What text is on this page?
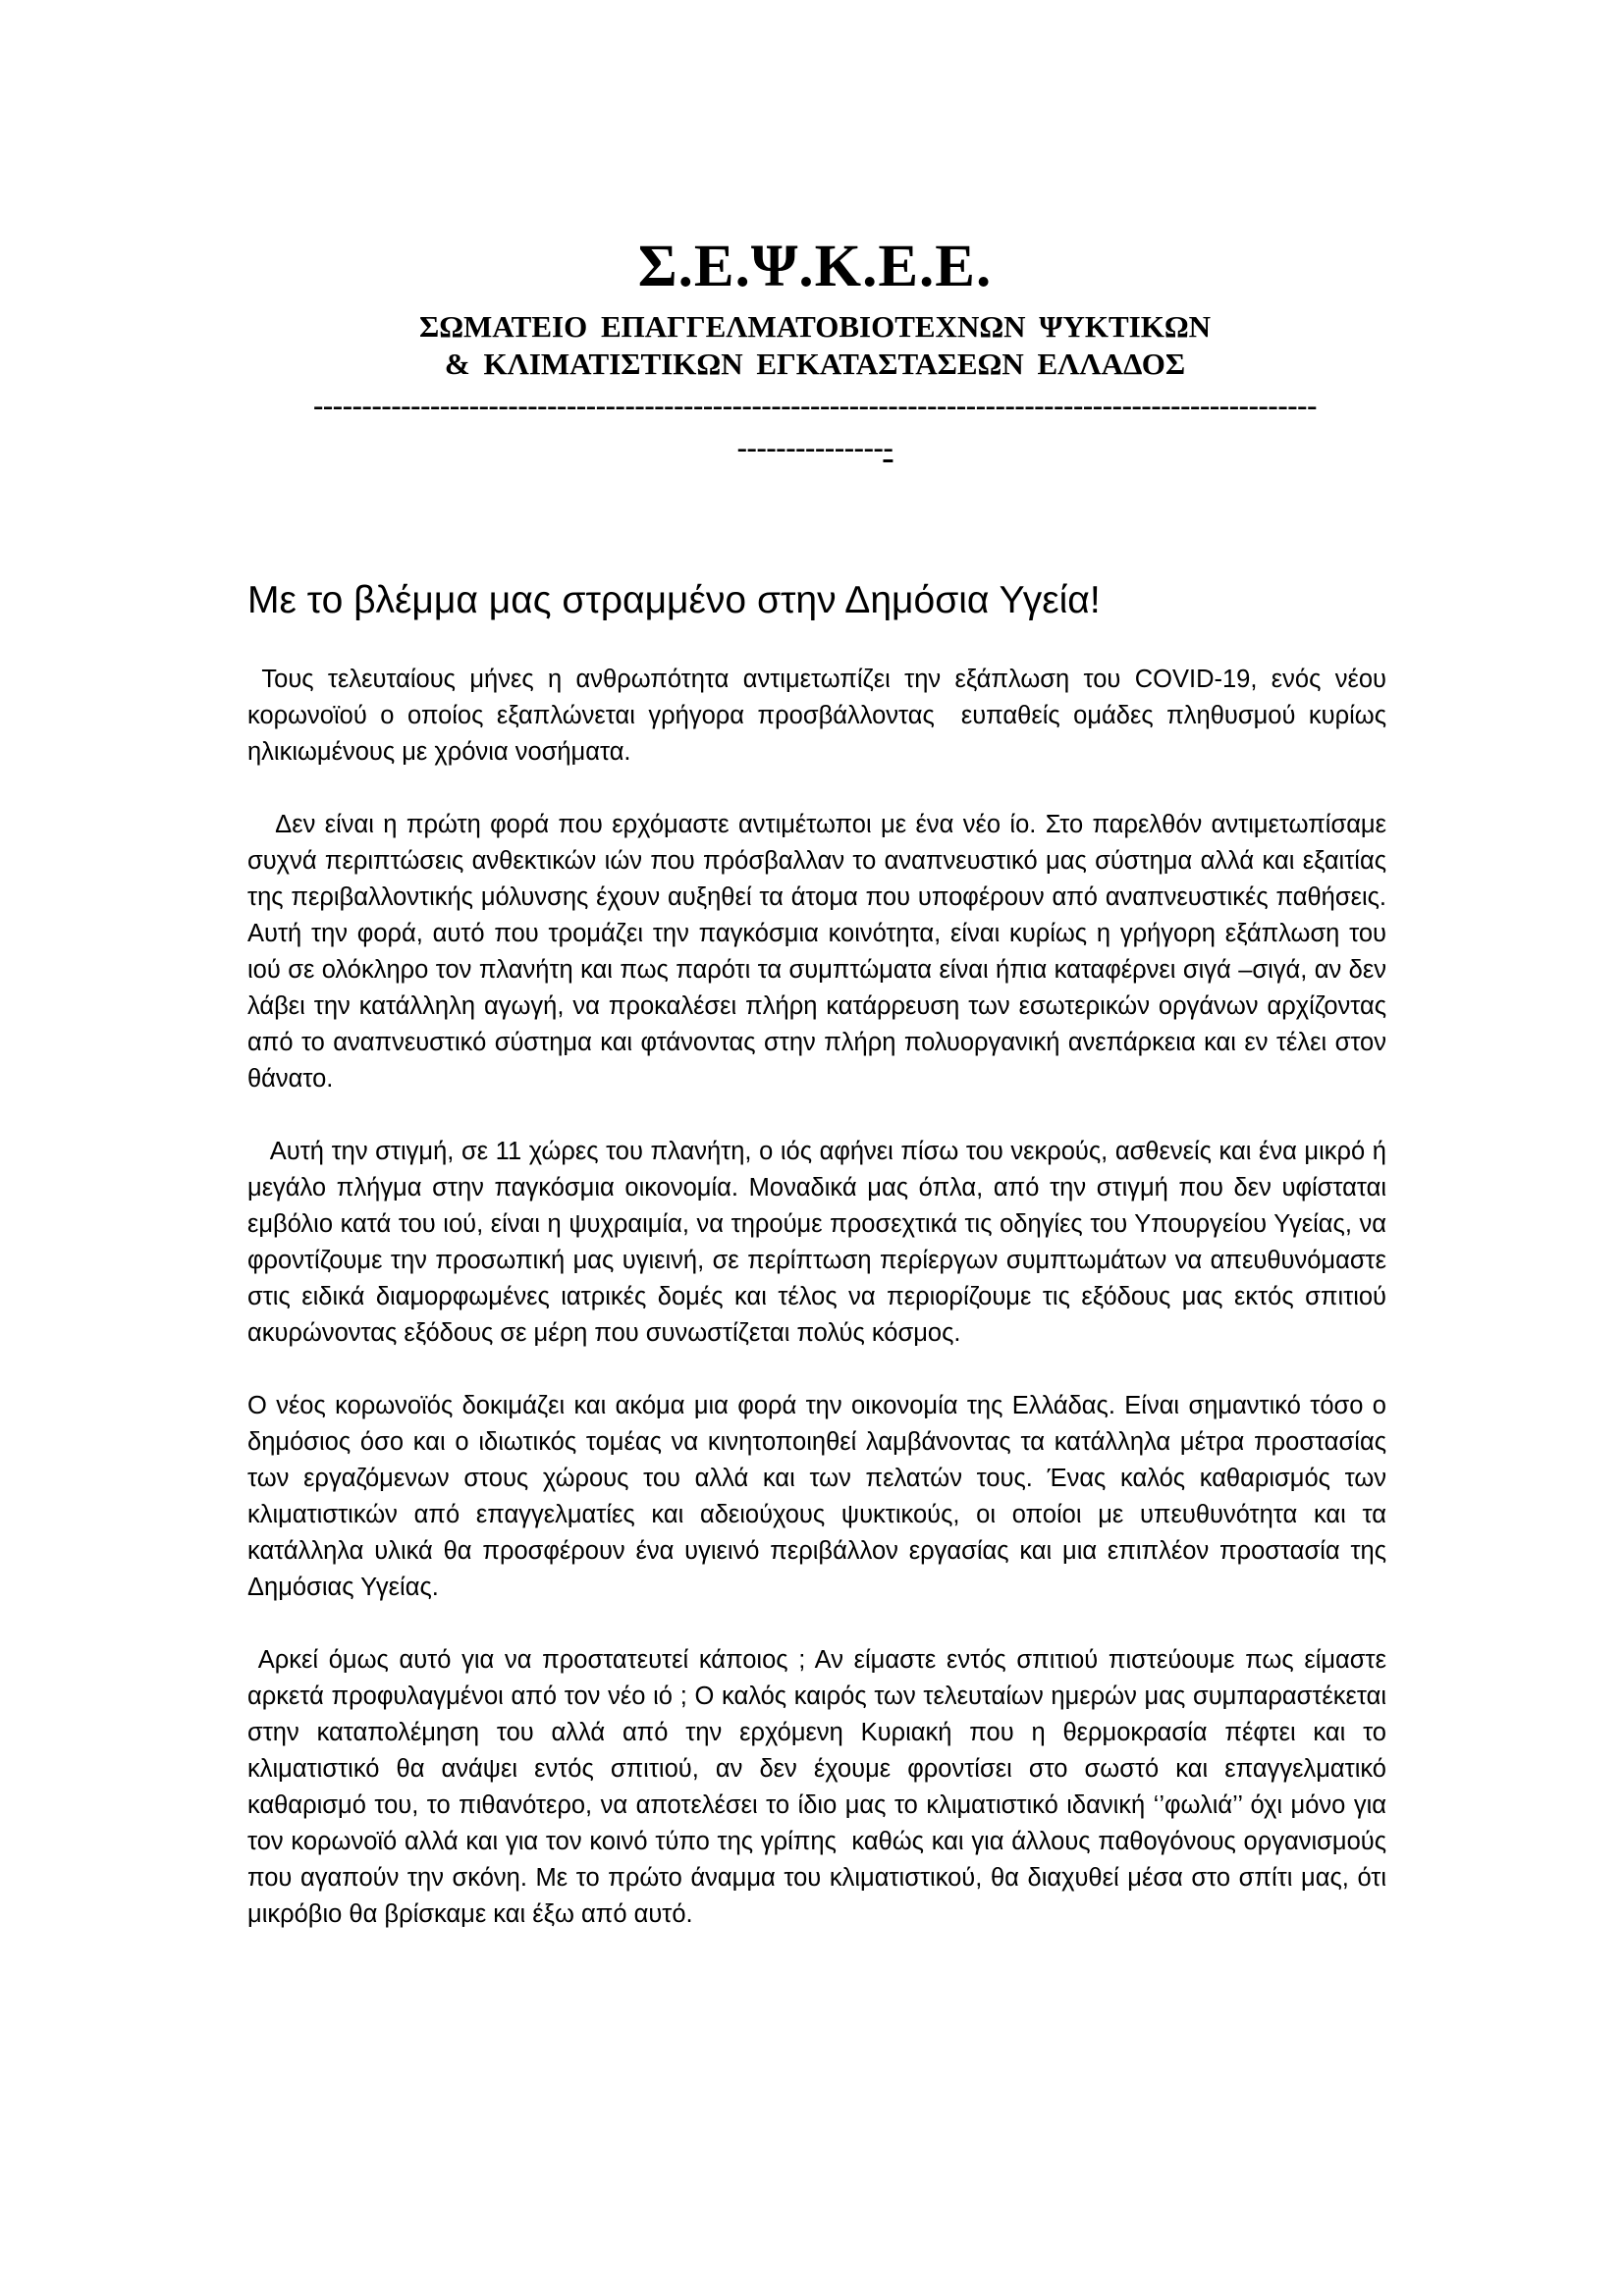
Σ.Ε.Ψ.Κ.Ε.Ε.
ΣΩΜΑΤΕΙΟ ΕΠΑΓΓΕΛΜΑΤΟΒΙΟΤΕΧΝΩΝ ΨΥΚΤΙΚΩΝ
& ΚΛΙΜΑΤΙΣΤΙΚΩΝ ΕΓΚΑΤΑΣΤΑΣΕΩΝ ΕΛΛΑΔΟΣ
-------------------------------------------------------------------------------------------------------
----------------
Με το βλέμμα μας στραμμένο στην Δημόσια Υγεία!

Τους τελευταίους μήνες η ανθρωπότητα αντιμετωπίζει την εξάπλωση του COVID-19, ενός νέου κορωνοϊού ο οποίος εξαπλώνεται γρήγορα προσβάλλοντας  ευπαθείς ομάδες πληθυσμού κυρίως ηλικιωμένους με χρόνια νοσήματα.

Δεν είναι η πρώτη φορά που ερχόμαστε αντιμέτωποι με ένα νέο ίο. Στο παρελθόν αντιμετωπίσαμε συχνά περιπτώσεις ανθεκτικών ιών που πρόσβαλλαν το αναπνευστικό μας σύστημα αλλά και εξαιτίας της περιβαλλοντικής μόλυνσης έχουν αυξηθεί τα άτομα που υποφέρουν από αναπνευστικές παθήσεις. Αυτή την φορά, αυτό που τρομάζει την παγκόσμια κοινότητα, είναι κυρίως η γρήγορη εξάπλωση του ιού σε ολόκληρο τον πλανήτη και πως παρότι τα συμπτώματα είναι ήπια καταφέρνει σιγά –σιγά, αν δεν λάβει την κατάλληλη αγωγή, να προκαλέσει πλήρη κατάρρευση των εσωτερικών οργάνων αρχίζοντας από το αναπνευστικό σύστημα και φτάνοντας στην πλήρη πολυοργανική ανεπάρκεια και εν τέλει στον θάνατο.

Αυτή την στιγμή, σε 11 χώρες του πλανήτη, ο ιός αφήνει πίσω του νεκρούς, ασθενείς και ένα μικρό ή μεγάλο πλήγμα στην παγκόσμια οικονομία. Μοναδικά μας όπλα, από την στιγμή που δεν υφίσταται εμβόλιο κατά του ιού, είναι η ψυχραιμία, να τηρούμε προσεχτικά τις οδηγίες του Υπουργείου Υγείας, να φροντίζουμε την προσωπική μας υγιεινή, σε περίπτωση περίεργων συμπτωμάτων να απευθυνόμαστε στις ειδικά διαμορφωμένες ιατρικές δομές και τέλος να περιορίζουμε τις εξόδους μας εκτός σπιτιού ακυρώνοντας εξόδους σε μέρη που συνωστίζεται πολύς κόσμος.

Ο νέος κορωνοϊός δοκιμάζει και ακόμα μια φορά την οικονομία της Ελλάδας. Είναι σημαντικό τόσο ο δημόσιος όσο και ο ιδιωτικός τομέας να κινητοποιηθεί λαμβάνοντας τα κατάλληλα μέτρα προστασίας των εργαζόμενων στους χώρους του αλλά και των πελατών τους. Ένας καλός καθαρισμός των κλιματιστικών από επαγγελματίες και αδειούχους ψυκτικούς, οι οποίοι με υπευθυνότητα και τα κατάλληλα υλικά θα προσφέρουν ένα υγιεινό περιβάλλον εργασίας και μια επιπλέον προστασία της Δημόσιας Υγείας.

Αρκεί όμως αυτό για να προστατευτεί κάποιος ; Αν είμαστε εντός σπιτιού πιστεύουμε πως είμαστε  αρκετά προφυλαγμένοι από τον νέο ιό ; Ο καλός καιρός των τελευταίων ημερών μας συμπαραστέκεται στην καταπολέμηση του αλλά από την ερχόμενη Κυριακή που η θερμοκρασία πέφτει και το κλιματιστικό θα ανάψει εντός σπιτιού, αν δεν έχουμε φροντίσει στο σωστό και επαγγελματικό καθαρισμό του, το πιθανότερο, να αποτελέσει το ίδιο μας το κλιματιστικό ιδανική ‘’φωλιά’’ όχι μόνο για τον κορωνοϊό αλλά και για τον κοινό τύπο της γρίπης  καθώς και για άλλους παθογόνους οργανισμούς που αγαπούν την σκόνη. Με το πρώτο άναμμα του κλιματιστικού, θα διαχυθεί μέσα στο σπίτι μας, ότι μικρόβιο θα βρίσκαμε και έξω από αυτό.
